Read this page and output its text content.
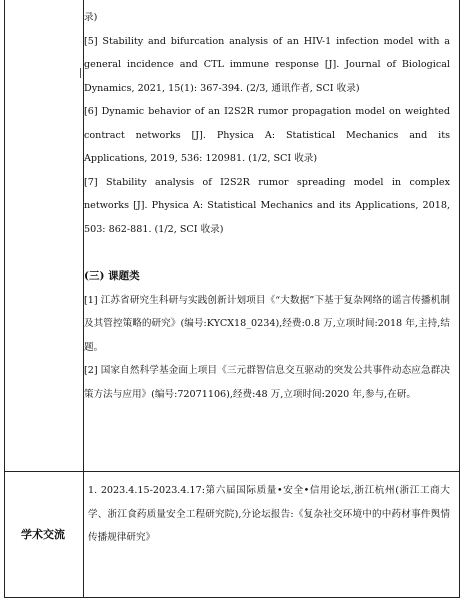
录)

[5] Stability and bifurcation analysis of an HIV-1 infection model with a general incidence and CTL immune response [J]. Journal of Biological Dynamics, 2021, 15(1): 367-394. (2/3, 通讯作者, SCI 收录)

[6] Dynamic behavior of an I2S2R rumor propagation model on weighted contract networks [J]. Physica A: Statistical Mechanics and its Applications, 2019, 536: 120981. (1/2, SCI 收录)

[7] Stability analysis of I2S2R rumor spreading model in complex networks [J]. Physica A: Statistical Mechanics and its Applications, 2018, 503: 862-881. (1/2, SCI 收录)

(三) 课题类

[1] 江苏省研究生科研与实践创新计划项目《“大数据”下基于复杂网络的谣言传播机制及其管控策略的研究》(编号:KYCX18_0234),经费:0.8 万,立项时间:2018 年,主持,结题。

[2] 国家自然科学基金面上项目《三元群智信息交互驱动的突发公共事件动态应急群决策方法与应用》(编号:72071106),经费:48 万,立项时间:2020 年,参与,在研。

学术交流
1. 2023.4.15-2023.4.17:第六届国际质量•安全•信用论坛,浙江杭州(浙江工商大学、浙江食药质量安全工程研究院),分论坛报告:《复杂社交环境中的中药材事件舆情传播规律研究》
